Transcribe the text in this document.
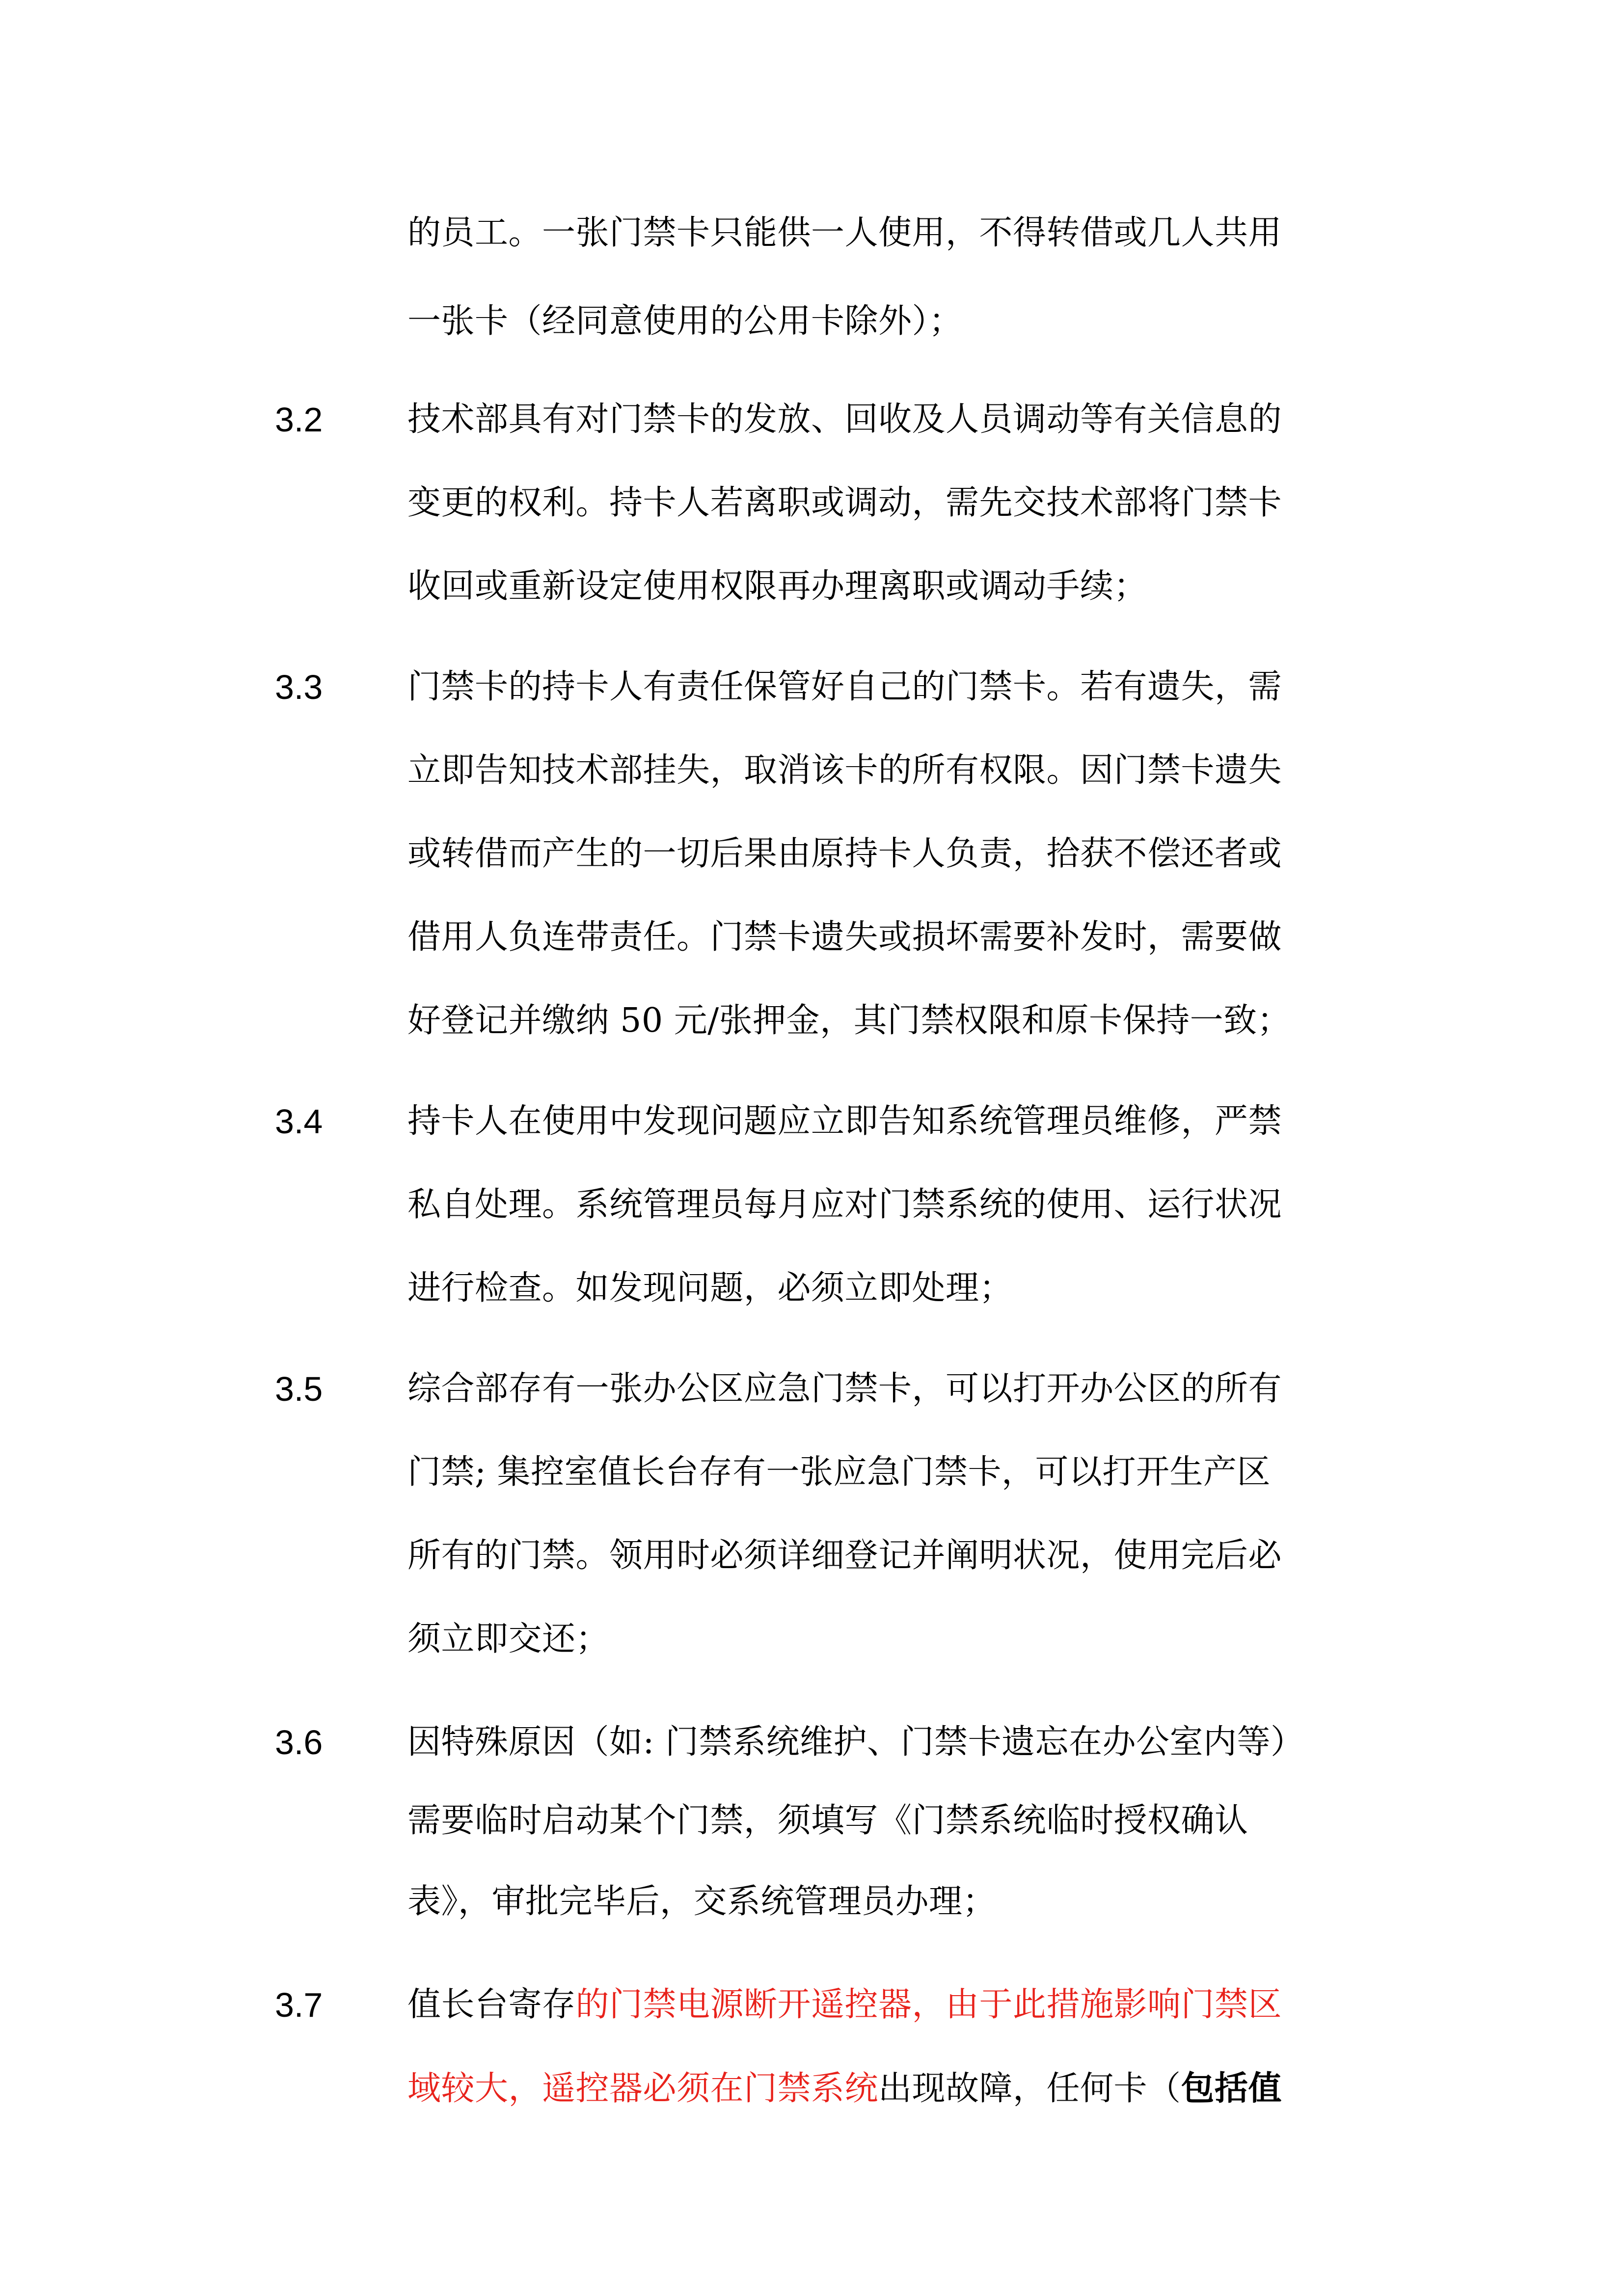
的员工。一张门禁卡只能供一人使用，不得转借或几人共用
一张卡（经同意使用的公用卡除外）；
3.2	技术部具有对门禁卡的发放、回收及人员调动等有关信息的
变更的权利。持卡人若离职或调动，需先交技术部将门禁卡
收回或重新设定使用权限再办理离职或调动手续；
3.3	门禁卡的持卡人有责任保管好自己的门禁卡。若有遗失，需
立即告知技术部挂失，取消该卡的所有权限。因门禁卡遗失
或转借而产生的一切后果由原持卡人负责，拾获不偿还者或
借用人负连带责任。门禁卡遗失或损坏需要补发时，需要做
好登记并缴纳 50 元/张押金，其门禁权限和原卡保持一致；
3.4	持卡人在使用中发现问题应立即告知系统管理员维修，严禁
私自处理。系统管理员每月应对门禁系统的使用、运行状况
进行检查。如发现问题，必须立即处理；
3.5	综合部存有一张办公区应急门禁卡，可以打开办公区的所有
门禁; 集控室值长台存有一张应急门禁卡，可以打开生产区
所有的门禁。领用时必须详细登记并阐明状况，使用完后必
须立即交还；
3.6	因特殊原因（如: 门禁系统维护、门禁卡遗忘在办公室内等）
需要临时启动某个门禁，须填写《门禁系统临时授权确认
表》，审批完毕后，交系统管理员办理；
3.7	值长台寄存的门禁电源断开遥控器，由于此措施影响门禁区
域较大，遥控器必须在门禁系统出现故障，任何卡（包括值
